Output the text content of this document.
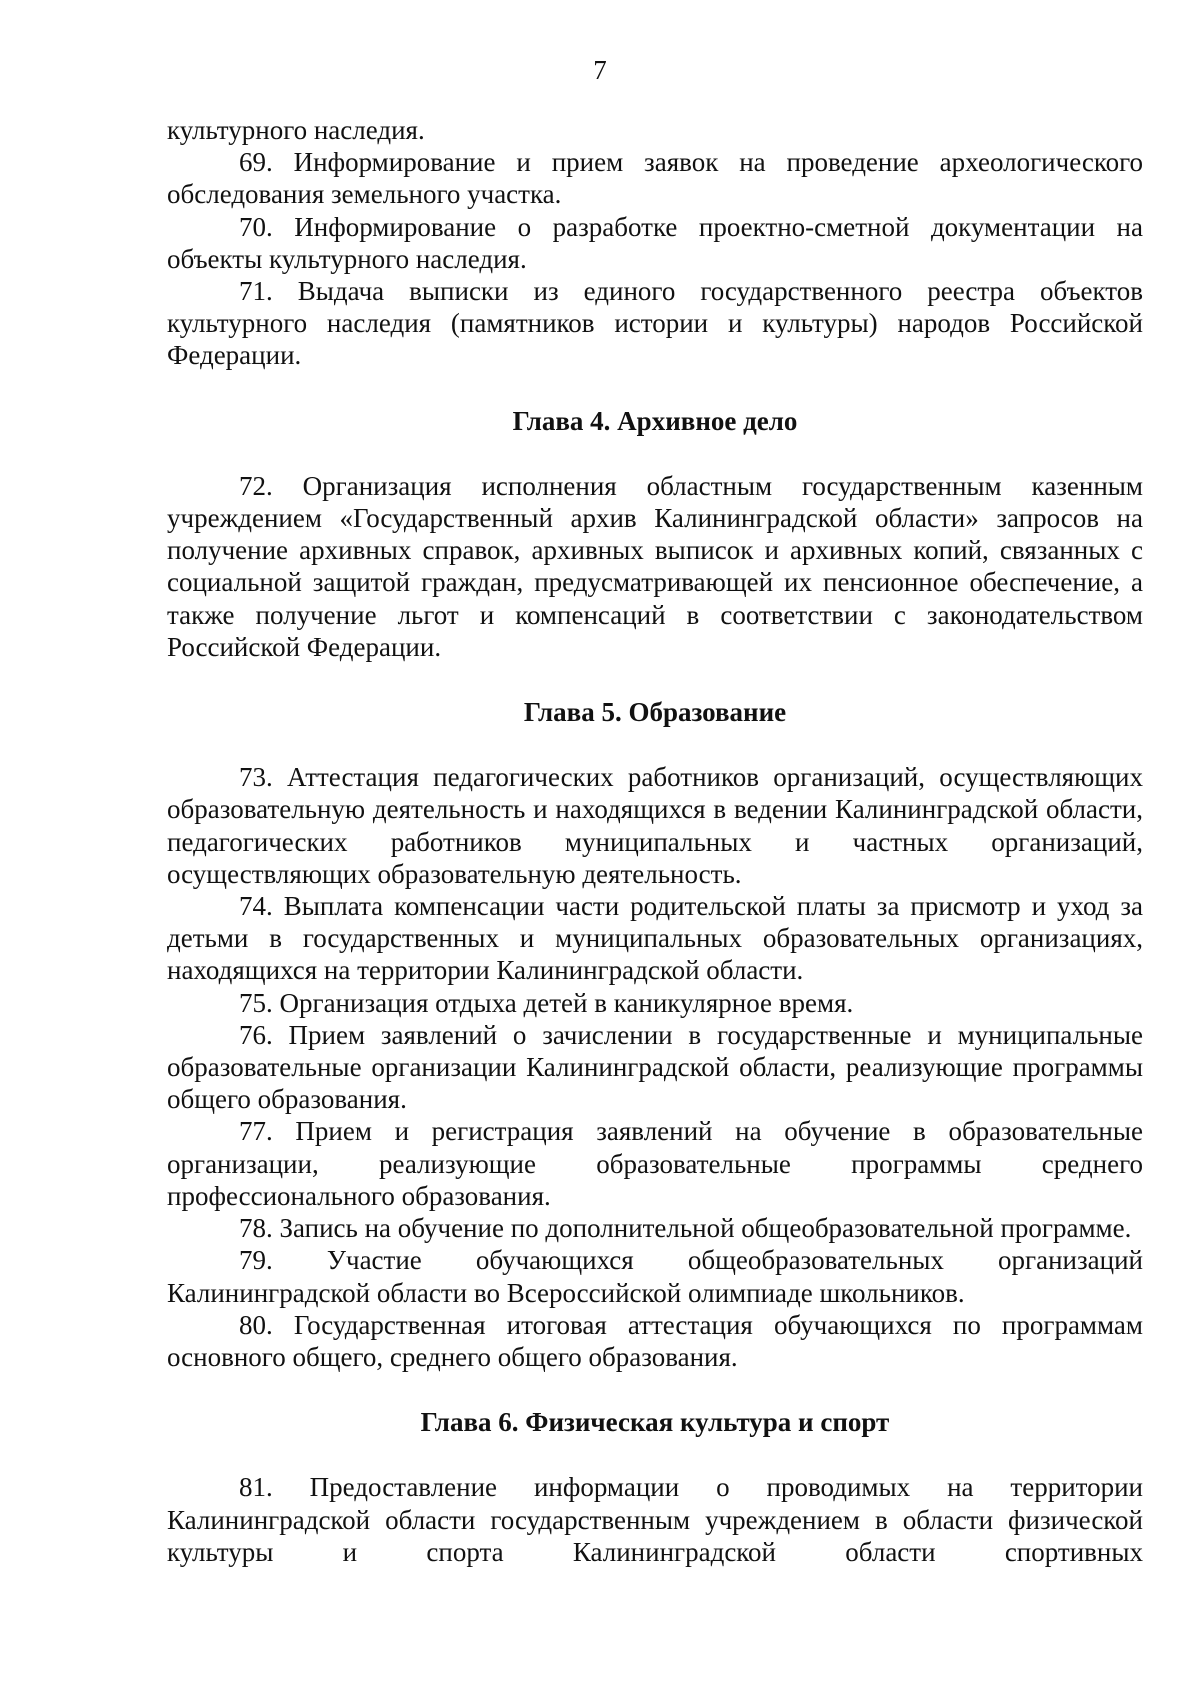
7

культурного наследия.

69. Информирование и прием заявок на проведение археологического обследования земельного участка.

70. Информирование о разработке проектно-сметной документации на объекты культурного наследия.

71. Выдача выписки из единого государственного реестра объектов культурного наследия (памятников истории и культуры) народов Российской Федерации.

Глава 4. Архивное дело

72. Организация исполнения областным государственным казенным учреждением «Государственный архив Калининградской области» запросов на получение архивных справок, архивных выписок и архивных копий, связанных с социальной защитой граждан, предусматривающей их пенсионное обеспечение, а также получение льгот и компенсаций в соответствии с законодательством Российской Федерации.

Глава 5. Образование

73. Аттестация педагогических работников организаций, осуществляющих образовательную деятельность и находящихся в ведении Калининградской области, педагогических работников муниципальных и частных организаций, осуществляющих образовательную деятельность.

74. Выплата компенсации части родительской платы за присмотр и уход за детьми в государственных и муниципальных образовательных организациях, находящихся на территории Калининградской области.

75. Организация отдыха детей в каникулярное время.

76. Прием заявлений о зачислении в государственные и муниципальные образовательные организации Калининградской области, реализующие программы общего образования.

77. Прием и регистрация заявлений на обучение в образовательные организации, реализующие образовательные программы среднего профессионального образования.

78. Запись на обучение по дополнительной общеобразовательной программе.

79. Участие обучающихся общеобразовательных организаций Калининградской области во Всероссийской олимпиаде школьников.

80. Государственная итоговая аттестация обучающихся по программам основного общего, среднего общего образования.

Глава 6. Физическая культура и спорт

81. Предоставление информации о проводимых на территории Калининградской области государственным учреждением в области физической культуры и спорта Калининградской области спортивных
